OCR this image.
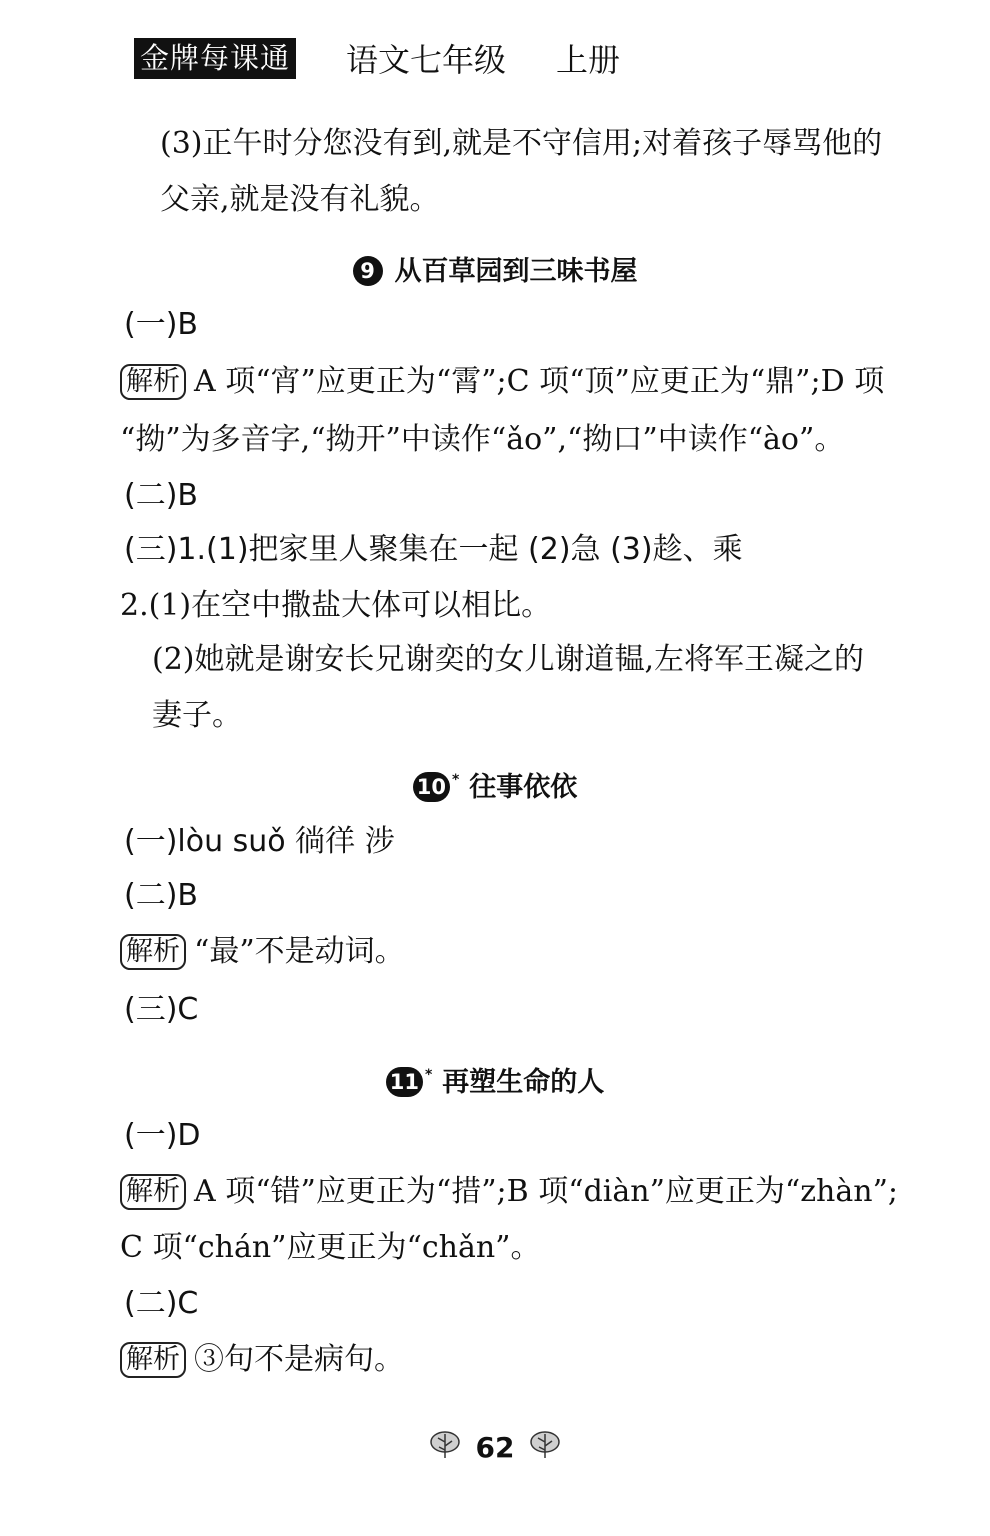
金牌每课通 语文七年级 上册
(3)正午时分您没有到,就是不守信用;对着孩子辱骂他的
父亲,就是没有礼貌。
9 从百草园到三味书屋
(一)B
解析 A 项“宵”应更正为“霄”;C 项“顶”应更正为“鼎”;D 项
“拗”为多音字,“拗开”中读作“ǎo”,“拗口”中读作“ào”。
(二)B
(三)1.(1)把家里人聚集在一起 (2)急 (3)趁、乘
2.(1)在空中撒盐大体可以相比。
(2)她就是谢安长兄谢奕的女儿谢道韫,左将军王凝之的
妻子。
10 * 往事依依
(一)lòu suǒ 徜徉 涉
(二)B
解析 “最”不是动词。
(三)C
11 * 再塑生命的人
(一)D
解析 A 项“错”应更正为“措”;B 项“diàn”应更正为“zhàn”;
C 项“chán”应更正为“chǎn”。
(二)C
解析 ③句不是病句。
62
